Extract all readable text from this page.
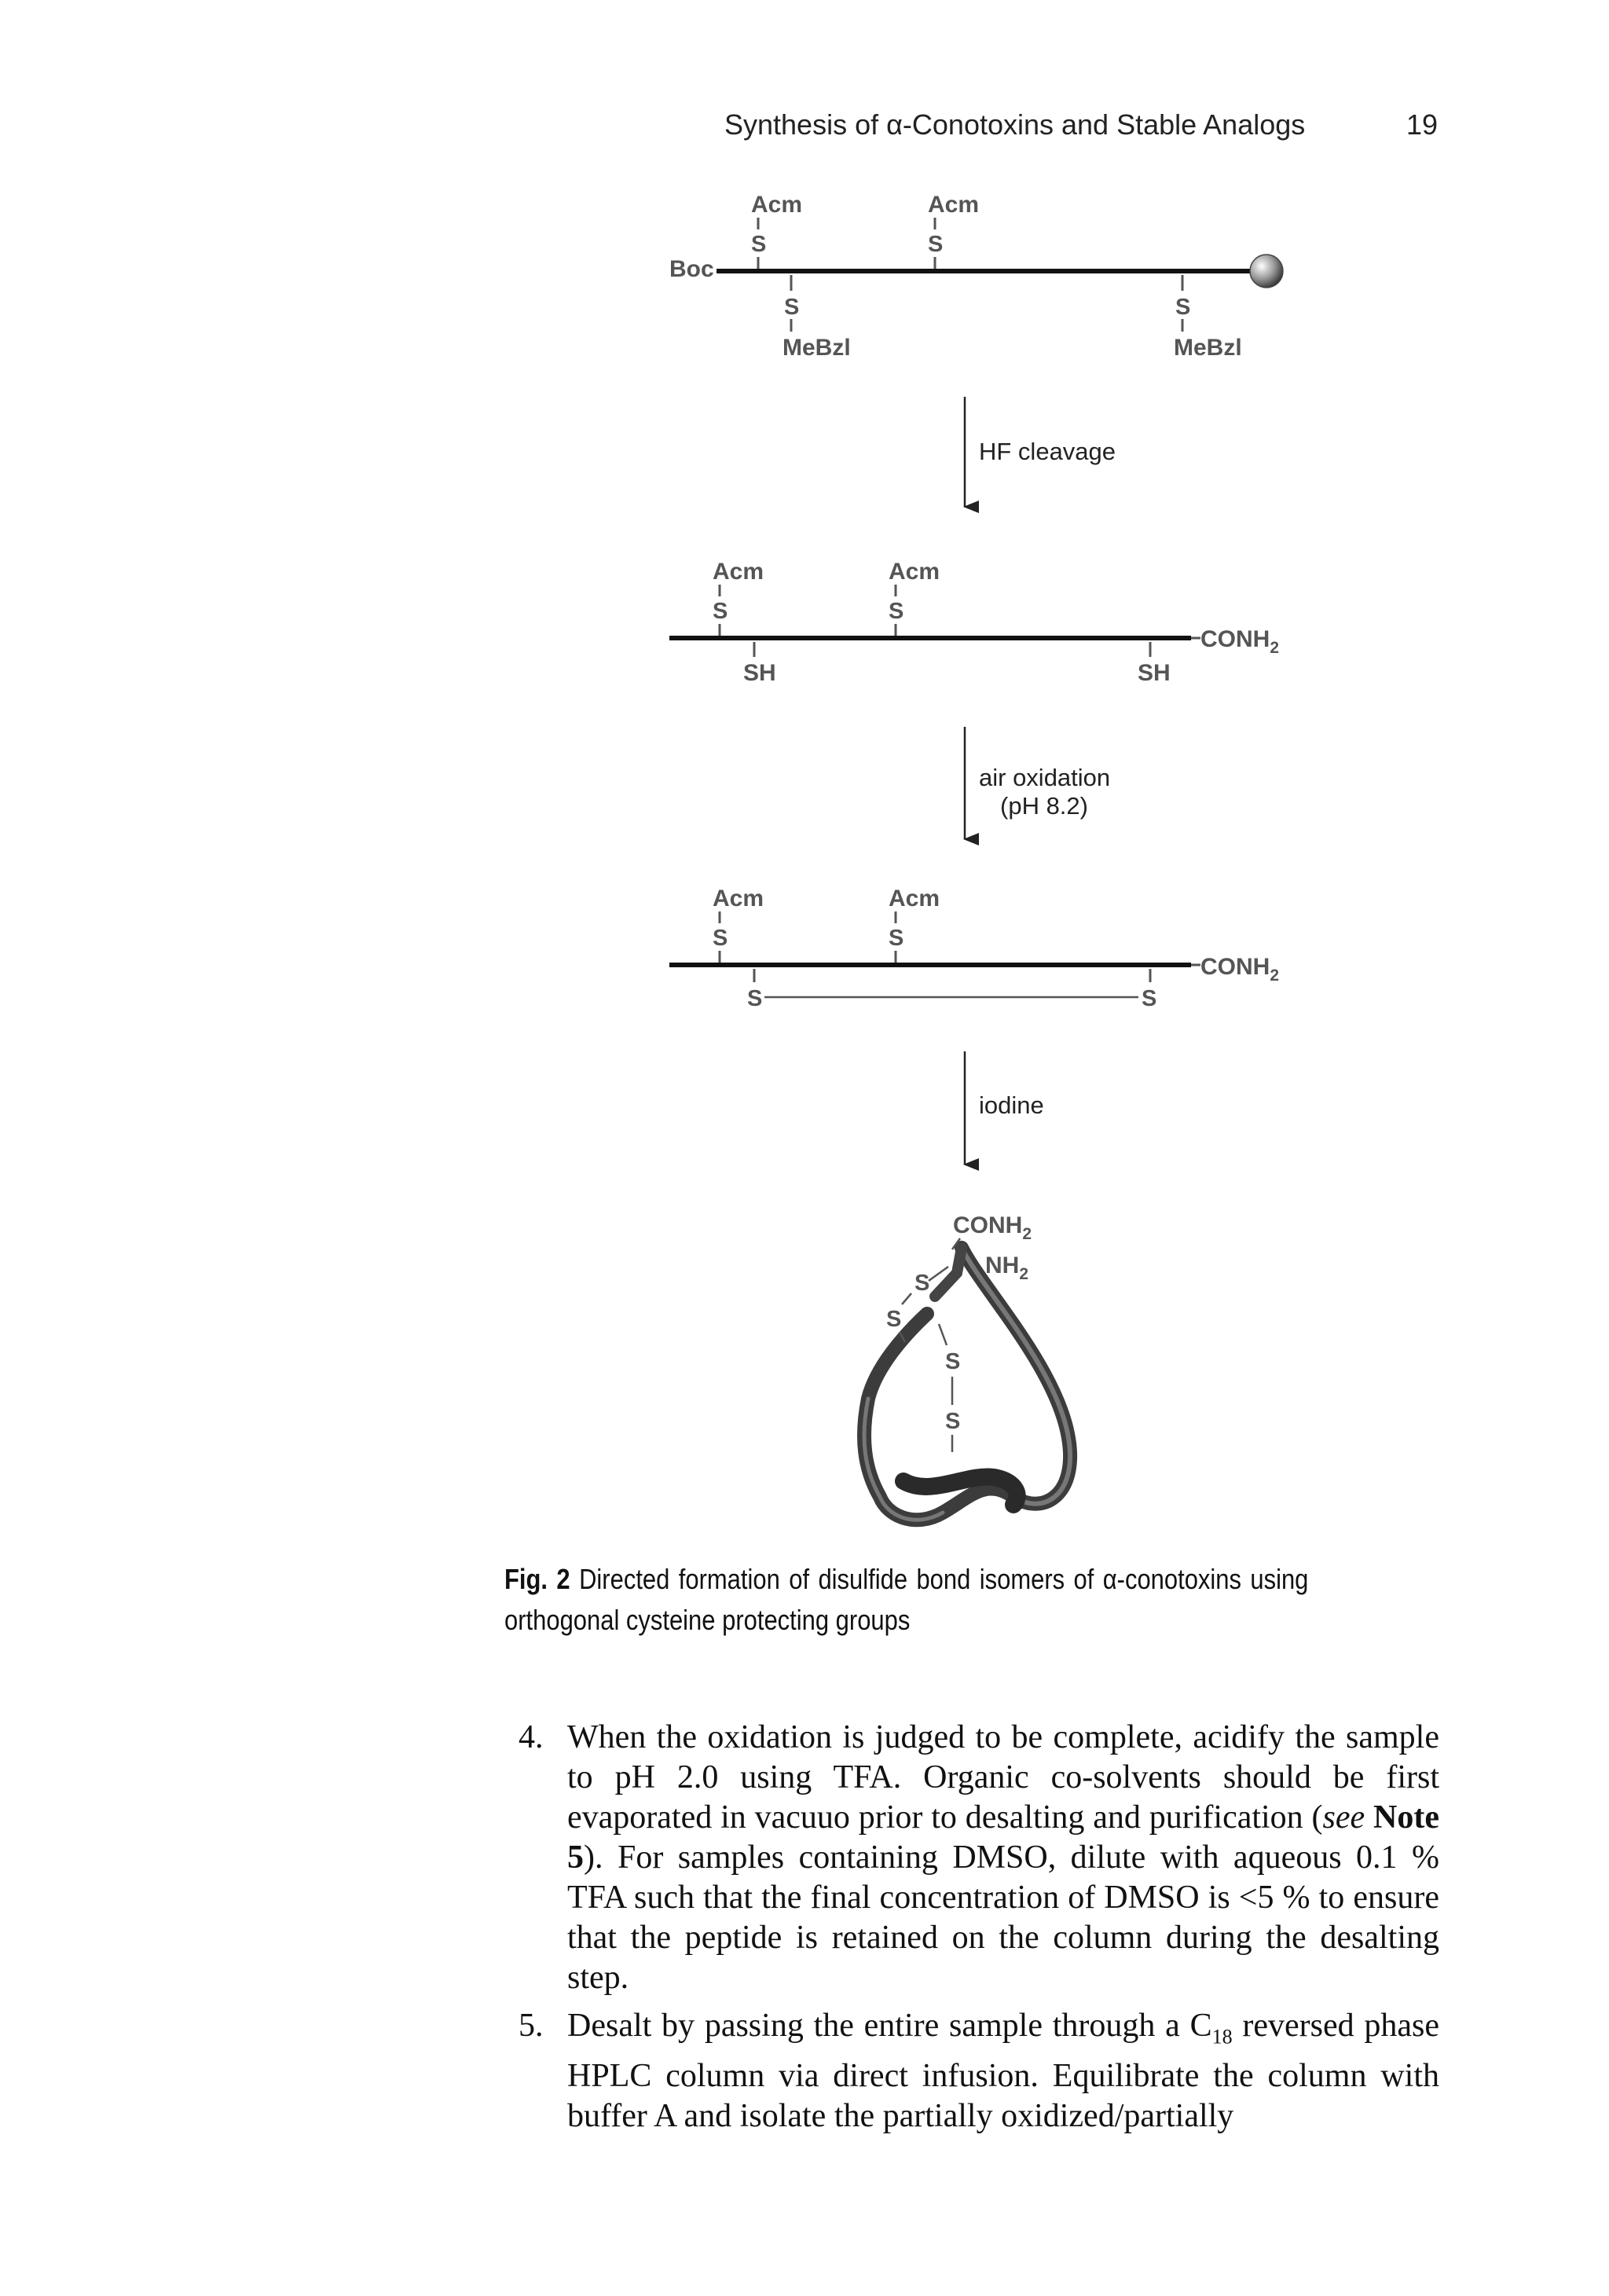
Synthesis of α-Conotoxins and Stable Analogs	19
Boc
Acm
S
Acm
S
S
MeBzl
S
MeBzl
HF cleavage
$CONH_2$
Acm
S
Acm
S
SH	SH
air oxidation
(pH 8.2)
$CONH_2$
Acm
S
Acm
S
S	S
iodine
$CONH_2$
$NH_2$
S
S
S
S
Fig. 2 Directed formation of disulfide bond isomers of α-conotoxins using orthogonal cysteine protecting groups
4. When the oxidation is judged to be complete, acidify the sample to pH 2.0 using TFA. Organic co-solvents should be first evaporated in vacuuo prior to desalting and purification (see Note 5). For samples containing DMSO, dilute with aqueous 0.1 % TFA such that the final concentration of DMSO is <5 % to ensure that the peptide is retained on the column during the desalting step.
5. Desalt by passing the entire sample through a $C_{18}$ reversed phase HPLC column via direct infusion. Equilibrate the column with buffer A and isolate the partially oxidized/partially
